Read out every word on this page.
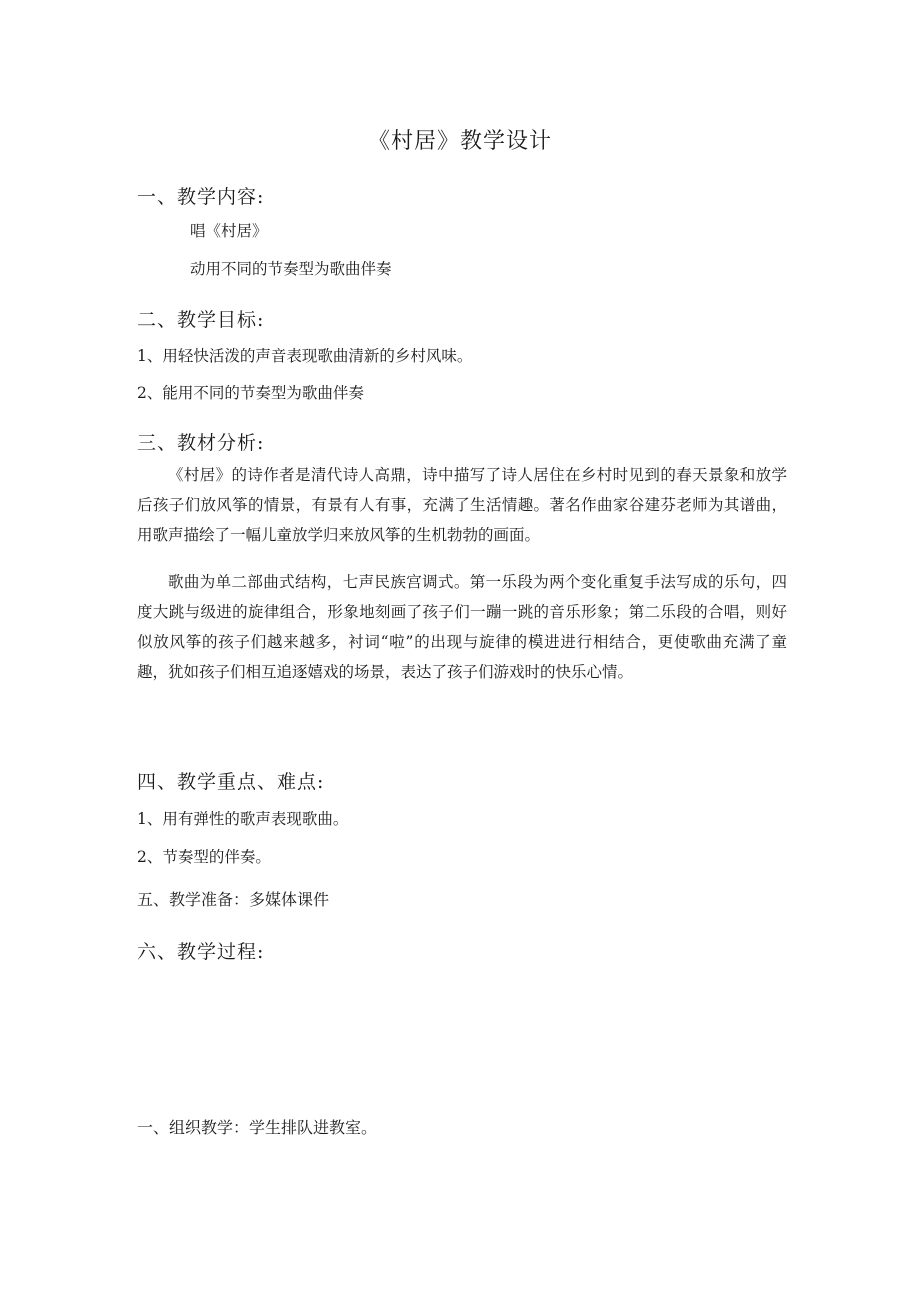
《村居》教学设计
一、教学内容:
唱《村居》
动用不同的节奏型为歌曲伴奏
二、教学目标:
1、用轻快活泼的声音表现歌曲清新的乡村风味。
2、能用不同的节奏型为歌曲伴奏
三、教材分析:

《村居》的诗作者是清代诗人高鼎，诗中描写了诗人居住在乡村时见到的春天景象和放学后孩子们放风筝的情景，有景有人有事，充满了生活情趣。著名作曲家谷建芬老师为其谱曲，用歌声描绘了一幅儿童放学归来放风筝的生机勃勃的画面。

歌曲为单二部曲式结构，七声民族宫调式。第一乐段为两个变化重复手法写成的乐句，四度大跳与级进的旋律组合，形象地刻画了孩子们一蹦一跳的音乐形象；第二乐段的合唱，则好似放风筝的孩子们越来越多，衬词“啦”的出现与旋律的模进进行相结合，更使歌曲充满了童趣，犹如孩子们相互追逐嬉戏的场景，表达了孩子们游戏时的快乐心情。

四、教学重点、难点:
1、用有弹性的歌声表现歌曲。
2、节奏型的伴奏。
五、教学准备：多媒体课件
六、教学过程:
一、组织教学：学生排队进教室。
